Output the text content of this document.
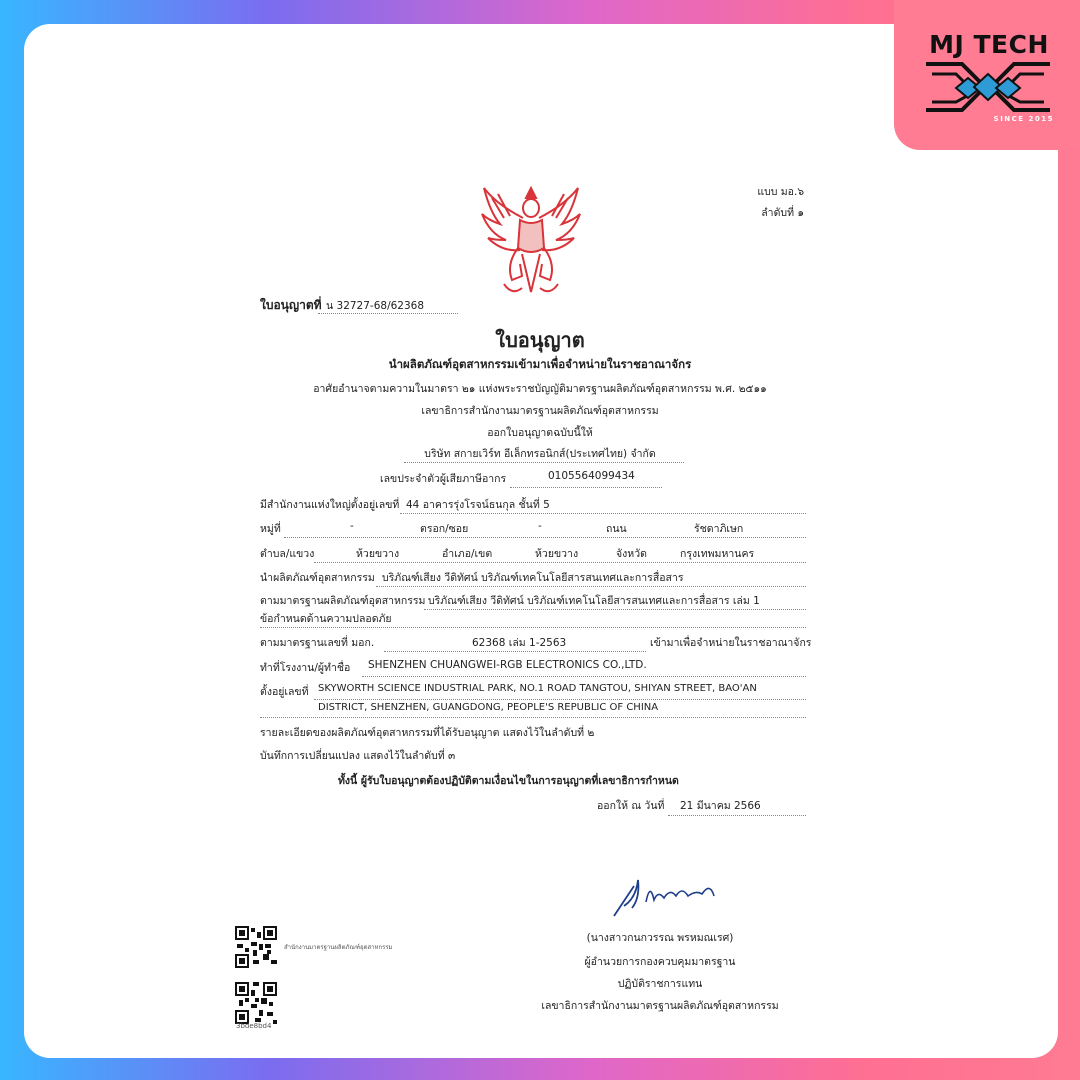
MJ TECH
SINCE 2015
แบบ มอ.๖
ลำดับที่ ๑
ใบอนุญาตที่ น 32727-68/62368
ใบอนุญาต
นำผลิตภัณฑ์อุตสาหกรรมเข้ามาเพื่อจำหน่ายในราชอาณาจักร
อาศัยอำนาจตามความในมาตรา ๒๑ แห่งพระราชบัญญัติมาตรฐานผลิตภัณฑ์อุตสาหกรรม พ.ศ. ๒๕๑๑
เลขาธิการสำนักงานมาตรฐานผลิตภัณฑ์อุตสาหกรรม
ออกใบอนุญาตฉบับนี้ให้
บริษัท สกายเวิร์ท อีเล็กทรอนิกส์(ประเทศไทย) จำกัด
เลขประจำตัวผู้เสียภาษีอากร	0105564099434
มีสำนักงานแห่งใหญ่ตั้งอยู่เลขที่ 44 อาคารรุ่งโรจน์ธนกุล ชั้นที่ 5
หมู่ที่	-	ตรอก/ซอย	-	ถนน	รัชดาภิเษก
ตำบล/แขวง	ห้วยขวาง	อำเภอ/เขต	ห้วยขวาง	จังหวัด	กรุงเทพมหานคร
นำผลิตภัณฑ์อุตสาหกรรม บริภัณฑ์เสียง วีดิทัศน์ บริภัณฑ์เทคโนโลยีสารสนเทศและการสื่อสาร
ตามมาตรฐานผลิตภัณฑ์อุตสาหกรรม บริภัณฑ์เสียง วีดิทัศน์ บริภัณฑ์เทคโนโลยีสารสนเทศและการสื่อสาร เล่ม 1
ข้อกำหนดด้านความปลอดภัย
ตามมาตรฐานเลขที่ มอก.	62368 เล่ม 1-2563	เข้ามาเพื่อจำหน่ายในราชอาณาจักร
ทำที่โรงงาน/ผู้ทำชื่อ SHENZHEN CHUANGWEI-RGB ELECTRONICS CO.,LTD.
ตั้งอยู่เลขที่ SKYWORTH SCIENCE INDUSTRIAL PARK, NO.1 ROAD TANGTOU, SHIYAN STREET, BAO'AN
DISTRICT, SHENZHEN, GUANGDONG, PEOPLE'S REPUBLIC OF CHINA
รายละเอียดของผลิตภัณฑ์อุตสาหกรรมที่ได้รับอนุญาต แสดงไว้ในลำดับที่ ๒
บันทึกการเปลี่ยนแปลง แสดงไว้ในลำดับที่ ๓
ทั้งนี้ ผู้รับใบอนุญาตต้องปฏิบัติตามเงื่อนไขในการอนุญาตที่เลขาธิการกำหนด
ออกให้ ณ วันที่ 21 มีนาคม 2566
(นางสาวกนกวรรณ พรหมณเรศ)
ผู้อำนวยการกองควบคุมมาตรฐาน
ปฏิบัติราชการแทน
เลขาธิการสำนักงานมาตรฐานผลิตภัณฑ์อุตสาหกรรม
สำนักงานมาตรฐานผลิตภัณฑ์อุตสาหกรรม
3bde8bd4
